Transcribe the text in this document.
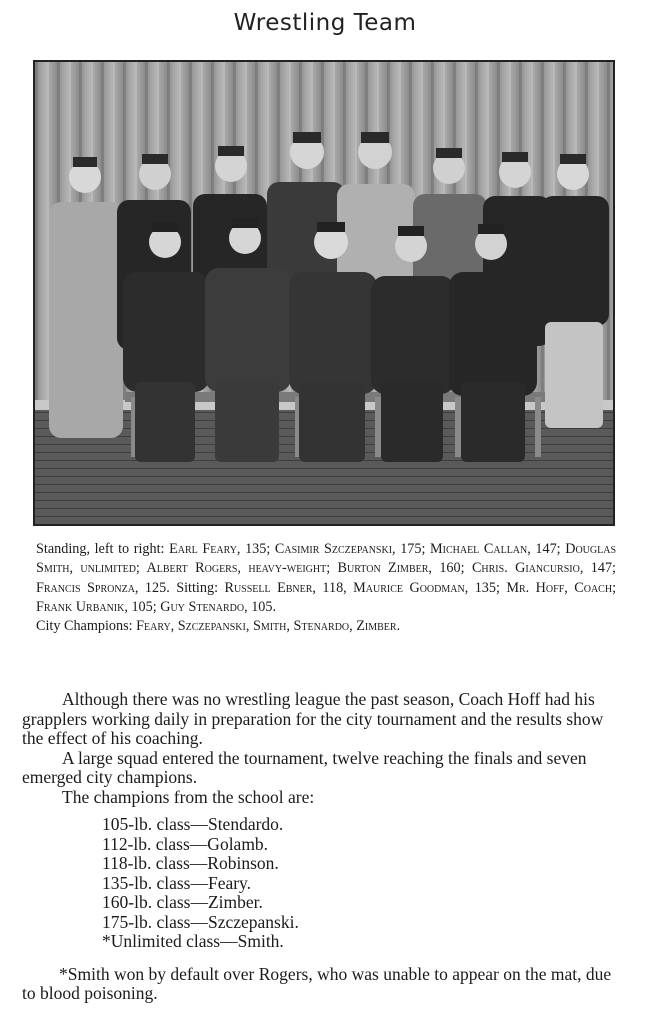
Wrestling Team
Standing, left to right: Earl Feary, 135; Casimir Szczepanski, 175; Michael Callan, 147; Douglas Smith, unlimited; Albert Rogers, heavy-weight; Burton Zimber, 160; Chris. Giancursio, 147; Francis Spronza, 125. Sitting: Russell Ebner, 118, Maurice Goodman, 135; Mr. Hoff, Coach; Frank Urbanik, 105; Guy Stenardo, 105.
City Champions: Feary, Szczepanski, Smith, Stenardo, Zimber.

Although there was no wrestling league the past season, Coach Hoff had his grapplers working daily in preparation for the city tournament and the results show the effect of his coaching.

A large squad entered the tournament, twelve reaching the finals and seven emerged city champions.

The champions from the school are:

105-lb. class—Stendardo.
112-lb. class—Golamb.
118-lb. class—Robinson.
135-lb. class—Feary.
160-lb. class—Zimber.
175-lb. class—Szczepanski.
*Unlimited class—Smith.

*Smith won by default over Rogers, who was unable to appear on the mat, due to blood poisoning.
